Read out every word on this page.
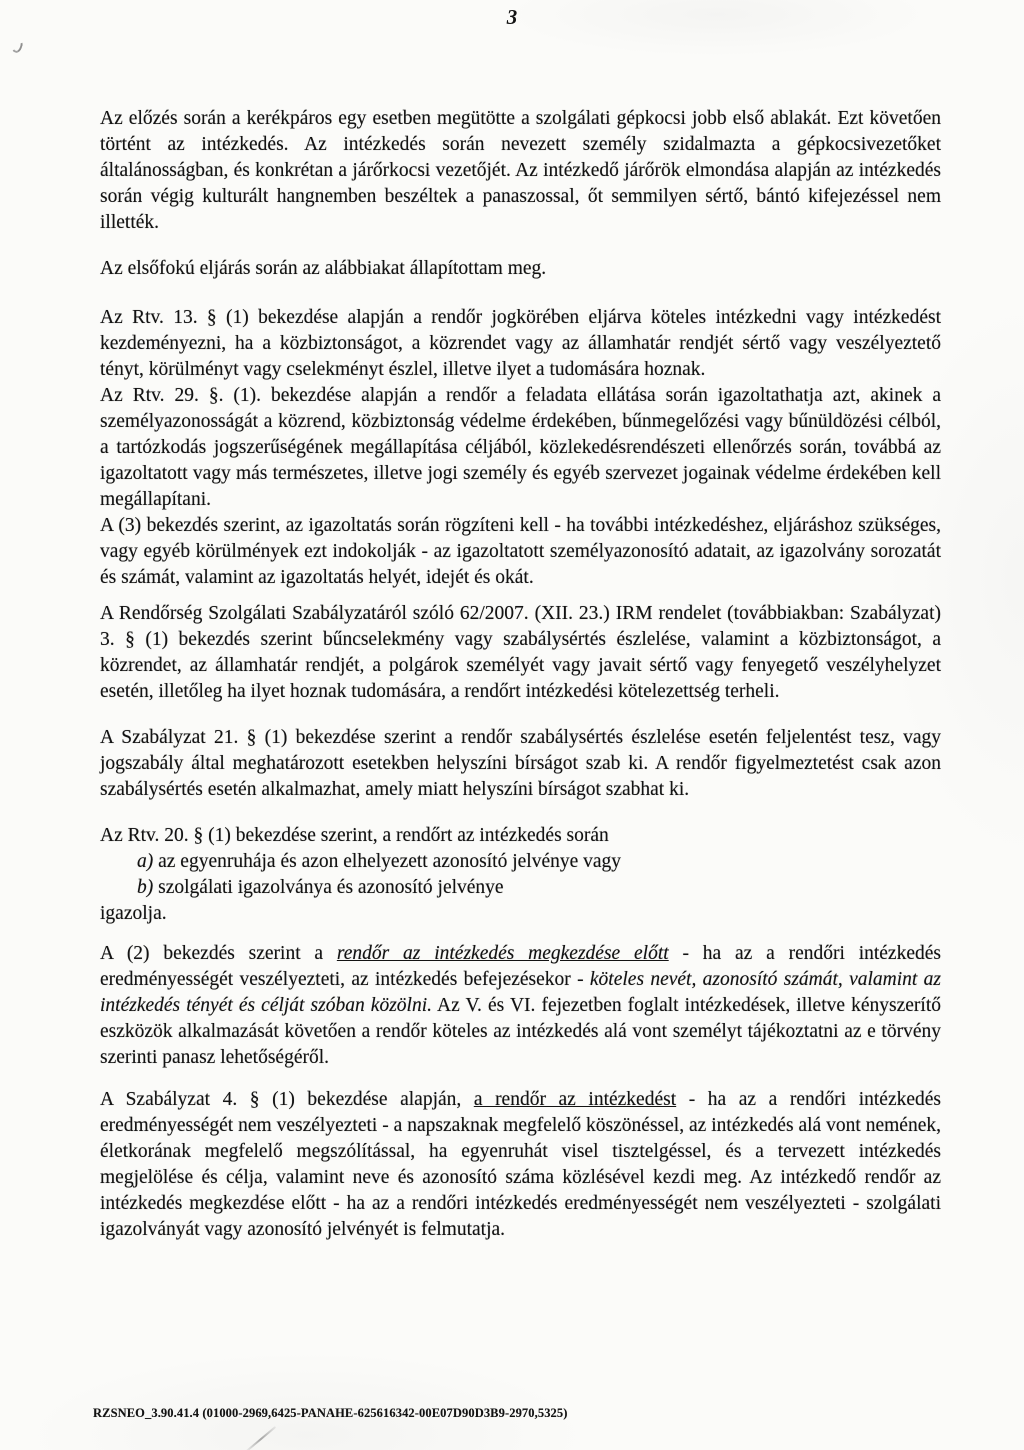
3

Az előzés során a kerékpáros egy esetben megütötte a szolgálati gépkocsi jobb első ablakát. Ezt követően történt az intézkedés. Az intézkedés során nevezett személy szidalmazta a gépkocsivezetőket általánosságban, és konkrétan a járőrkocsi vezetőjét. Az intézkedő járőrök elmondása alapján az intézkedés során végig kulturált hangnemben beszéltek a panaszossal, őt semmilyen sértő, bántó kifejezéssel nem illették.

Az elsőfokú eljárás során az alábbiakat állapítottam meg.

Az Rtv. 13. § (1) bekezdése alapján a rendőr jogkörében eljárva köteles intézkedni vagy intézkedést kezdeményezni, ha a közbiztonságot, a közrendet vagy az államhatár rendjét sértő vagy veszélyeztető tényt, körülményt vagy cselekményt észlel, illetve ilyet a tudomására hoznak.

Az Rtv. 29. §. (1). bekezdése alapján a rendőr a feladata ellátása során igazoltathatja azt, akinek a személyazonosságát a közrend, közbiztonság védelme érdekében, bűnmegelőzési vagy bűnüldözési célból, a tartózkodás jogszerűségének megállapítása céljából, közlekedésrendészeti ellenőrzés során, továbbá az igazoltatott vagy más természetes, illetve jogi személy és egyéb szervezet jogainak védelme érdekében kell megállapítani.

A (3) bekezdés szerint, az igazoltatás során rögzíteni kell - ha további intézkedéshez, eljáráshoz szükséges, vagy egyéb körülmények ezt indokolják - az igazoltatott személyazonosító adatait, az igazolvány sorozatát és számát, valamint az igazoltatás helyét, idejét és okát.

A Rendőrség Szolgálati Szabályzatáról szóló 62/2007. (XII. 23.) IRM rendelet (továbbiakban: Szabályzat) 3. § (1) bekezdés szerint bűncselekmény vagy szabálysértés észlelése, valamint a közbiztonságot, a közrendet, az államhatár rendjét, a polgárok személyét vagy javait sértő vagy fenyegető veszélyhelyzet esetén, illetőleg ha ilyet hoznak tudomására, a rendőrt intézkedési kötelezettség terheli.

A Szabályzat 21. § (1) bekezdése szerint a rendőr szabálysértés észlelése esetén feljelentést tesz, vagy jogszabály által meghatározott esetekben helyszíni bírságot szab ki. A rendőr figyelmeztetést csak azon szabálysértés esetén alkalmazhat, amely miatt helyszíni bírságot szabhat ki.

Az Rtv. 20. § (1) bekezdése szerint, a rendőrt az intézkedés során

a) az egyenruhája és azon elhelyezett azonosító jelvénye vagy

b) szolgálati igazolványa és azonosító jelvénye

igazolja.

A (2) bekezdés szerint a rendőr az intézkedés megkezdése előtt - ha az a rendőri intézkedés eredményességét veszélyezteti, az intézkedés befejezésekor - köteles nevét, azonosító számát, valamint az intézkedés tényét és célját szóban közölni. Az V. és VI. fejezetben foglalt intézkedések, illetve kényszerítő eszközök alkalmazását követően a rendőr köteles az intézkedés alá vont személyt tájékoztatni az e törvény szerinti panasz lehetőségéről.

A Szabályzat 4. § (1) bekezdése alapján, a rendőr az intézkedést - ha az a rendőri intézkedés eredményességét nem veszélyezteti - a napszaknak megfelelő köszönéssel, az intézkedés alá vont nemének, életkorának megfelelő megszólítással, ha egyenruhát visel tisztelgéssel, és a tervezett intézkedés megjelölése és célja, valamint neve és azonosító száma közlésével kezdi meg. Az intézkedő rendőr az intézkedés megkezdése előtt - ha az a rendőri intézkedés eredményességét nem veszélyezteti - szolgálati igazolványát vagy azonosító jelvényét is felmutatja.

RZSNEO_3.90.41.4 (01000-2969,6425-PANAHE-625616342-00E07D90D3B9-2970,5325)
